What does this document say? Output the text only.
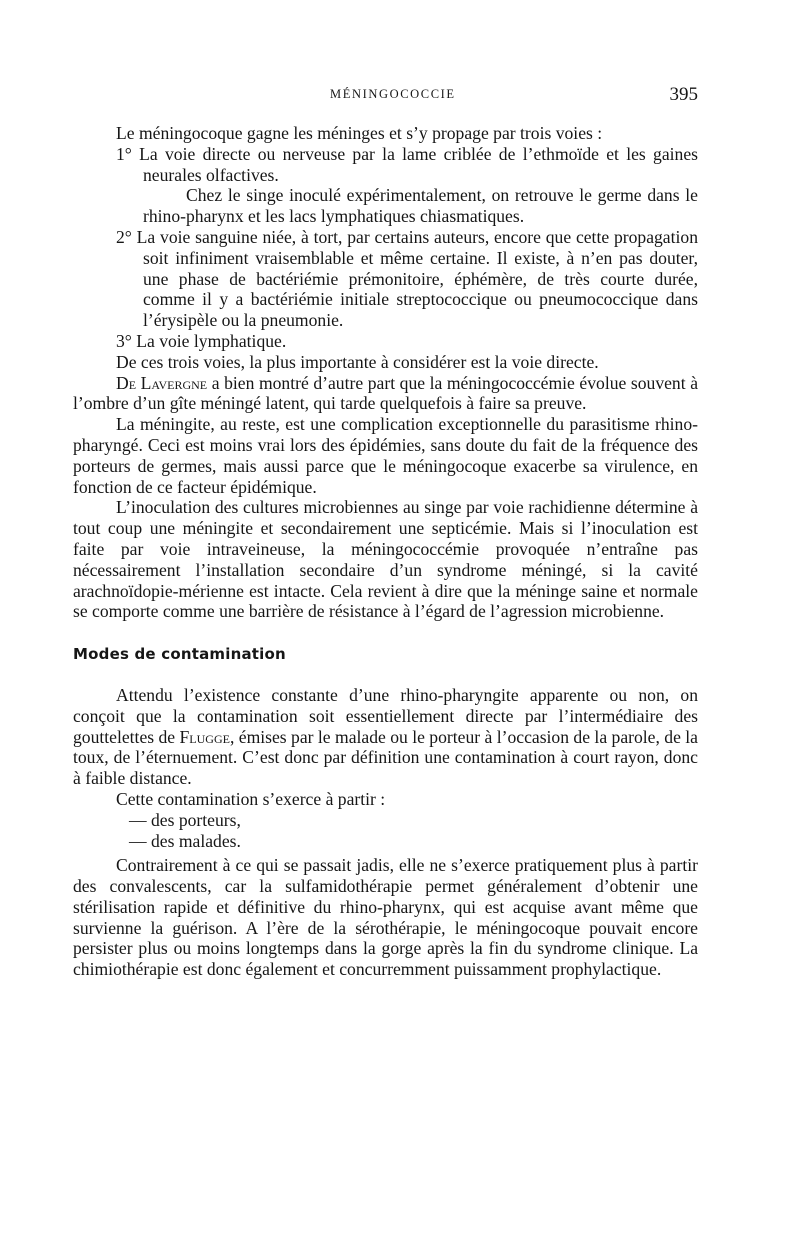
MÉNINGOCOCCIE	395

Le méningocoque gagne les méninges et s’y propage par trois voies :

1° La voie directe ou nerveuse par la lame criblée de l’ethmoïde et les gaines neurales olfactives.

Chez le singe inoculé expérimentalement, on retrouve le germe dans le rhino-pharynx et les lacs lymphatiques chiasmatiques.

2° La voie sanguine niée, à tort, par certains auteurs, encore que cette propagation soit infiniment vraisemblable et même certaine. Il existe, à n’en pas douter, une phase de bactériémie prémonitoire, éphémère, de très courte durée, comme il y a bactériémie initiale streptococcique ou pneumococcique dans l’érysipèle ou la pneumonie.

3° La voie lymphatique.

De ces trois voies, la plus importante à considérer est la voie directe.

De Lavergne a bien montré d’autre part que la méningococcémie évolue souvent à l’ombre d’un gîte méningé latent, qui tarde quelquefois à faire sa preuve.

La méningite, au reste, est une complication exceptionnelle du parasitisme rhino-pharyngé. Ceci est moins vrai lors des épidémies, sans doute du fait de la fréquence des porteurs de germes, mais aussi parce que le méningocoque exacerbe sa virulence, en fonction de ce facteur épidémique.

L’inoculation des cultures microbiennes au singe par voie rachidienne détermine à tout coup une méningite et secondairement une septicémie. Mais si l’inoculation est faite par voie intraveineuse, la méningococcémie provoquée n’entraîne pas nécessairement l’installation secondaire d’un syndrome méningé, si la cavité arachnoïdopie-mérienne est intacte. Cela revient à dire que la méninge saine et normale se comporte comme une barrière de résistance à l’égard de l’agression microbienne.

Modes de contamination

Attendu l’existence constante d’une rhino-pharyngite apparente ou non, on conçoit que la contamination soit essentiellement directe par l’intermédiaire des gouttelettes de Flugge, émises par le malade ou le porteur à l’occasion de la parole, de la toux, de l’éternuement. C’est donc par définition une contamination à court rayon, donc à faible distance.

Cette contamination s’exerce à partir :

— des porteurs,

— des malades.

Contrairement à ce qui se passait jadis, elle ne s’exerce pratiquement plus à partir des convalescents, car la sulfamidothérapie permet généralement d’obtenir une stérilisation rapide et définitive du rhino-pharynx, qui est acquise avant même que survienne la guérison. A l’ère de la sérothérapie, le méningocoque pouvait encore persister plus ou moins longtemps dans la gorge après la fin du syndrome clinique. La chimiothérapie est donc également et concurremment puissamment prophylactique.
